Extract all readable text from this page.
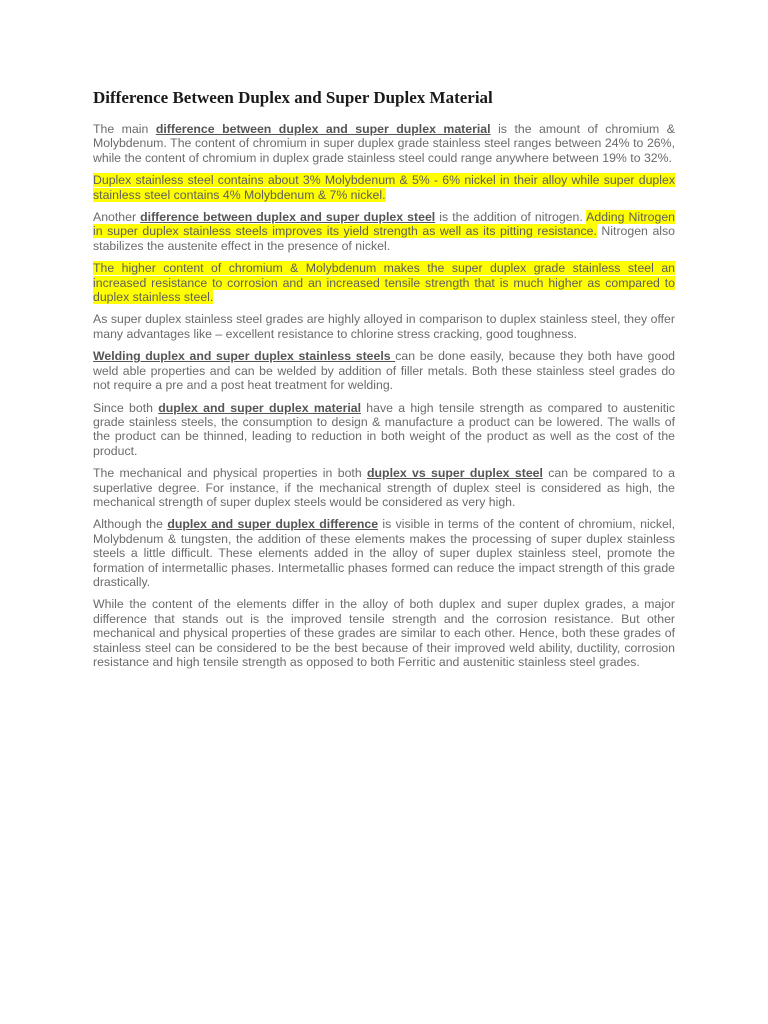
Difference Between Duplex and Super Duplex Material

The main difference between duplex and super duplex material is the amount of chromium & Molybdenum. The content of chromium in super duplex grade stainless steel ranges between 24% to 26%, while the content of chromium in duplex grade stainless steel could range anywhere between 19% to 32%.

Duplex stainless steel contains about 3% Molybdenum & 5% - 6% nickel in their alloy while super duplex stainless steel contains 4% Molybdenum & 7% nickel.

Another difference between duplex and super duplex steel is the addition of nitrogen. Adding Nitrogen in super duplex stainless steels improves its yield strength as well as its pitting resistance. Nitrogen also stabilizes the austenite effect in the presence of nickel.

The higher content of chromium & Molybdenum makes the super duplex grade stainless steel an increased resistance to corrosion and an increased tensile strength that is much higher as compared to duplex stainless steel.

As super duplex stainless steel grades are highly alloyed in comparison to duplex stainless steel, they offer many advantages like – excellent resistance to chlorine stress cracking, good toughness.

Welding duplex and super duplex stainless steels can be done easily, because they both have good weld able properties and can be welded by addition of filler metals. Both these stainless steel grades do not require a pre and a post heat treatment for welding.

Since both duplex and super duplex material have a high tensile strength as compared to austenitic grade stainless steels, the consumption to design & manufacture a product can be lowered. The walls of the product can be thinned, leading to reduction in both weight of the product as well as the cost of the product.

The mechanical and physical properties in both duplex vs super duplex steel can be compared to a superlative degree. For instance, if the mechanical strength of duplex steel is considered as high, the mechanical strength of super duplex steels would be considered as very high.

Although the duplex and super duplex difference is visible in terms of the content of chromium, nickel, Molybdenum & tungsten, the addition of these elements makes the processing of super duplex stainless steels a little difficult. These elements added in the alloy of super duplex stainless steel, promote the formation of intermetallic phases. Intermetallic phases formed can reduce the impact strength of this grade drastically.

While the content of the elements differ in the alloy of both duplex and super duplex grades, a major difference that stands out is the improved tensile strength and the corrosion resistance. But other mechanical and physical properties of these grades are similar to each other. Hence, both these grades of stainless steel can be considered to be the best because of their improved weld ability, ductility, corrosion resistance and high tensile strength as opposed to both Ferritic and austenitic stainless steel grades.
